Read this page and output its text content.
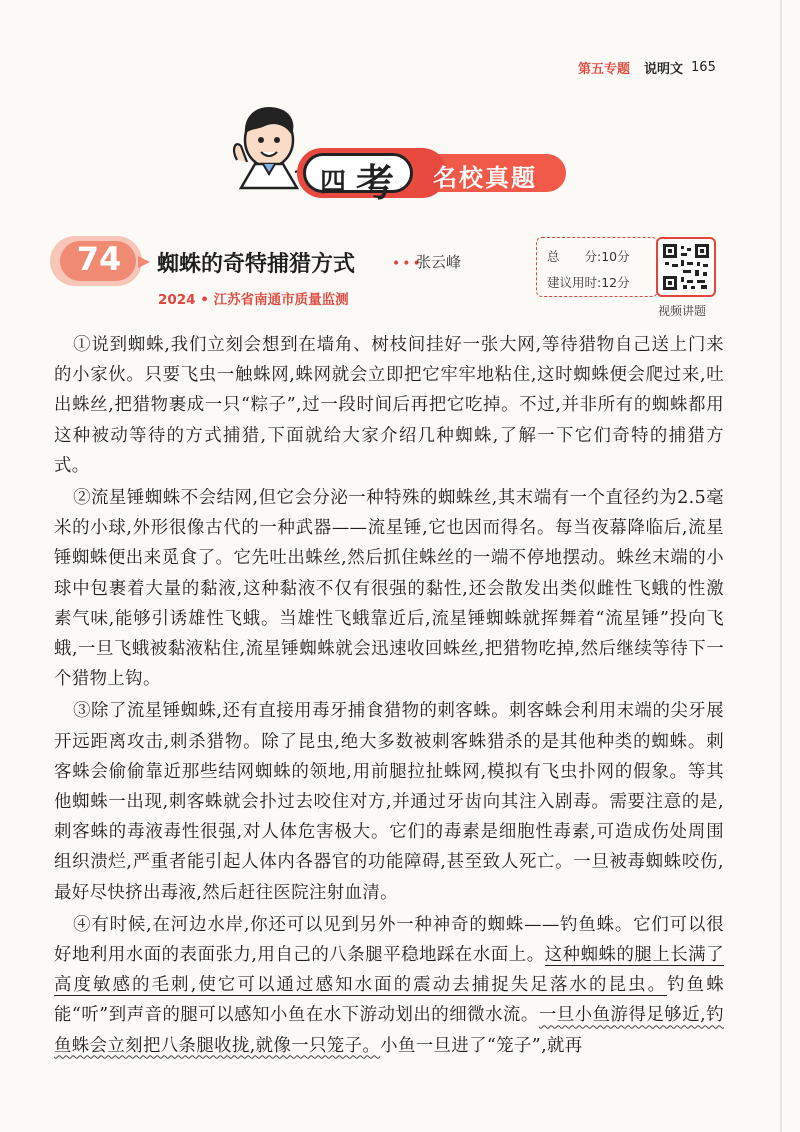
第五专题 说明文 165
四 考 名校真题
74	蜘蛛的奇特捕猎方式	•••
张云峰
2024 • 江苏省南通市质量监测
总　　分:10分
建议用时:12分
视频讲题

①说到蜘蛛,我们立刻会想到在墙角、树枝间挂好一张大网,等待猎物自己送上门来的小家伙。只要飞虫一触蛛网,蛛网就会立即把它牢牢地粘住,这时蜘蛛便会爬过来,吐出蛛丝,把猎物裹成一只“粽子”,过一段时间后再把它吃掉。不过,并非所有的蜘蛛都用这种被动等待的方式捕猎,下面就给大家介绍几种蜘蛛,了解一下它们奇特的捕猎方式。

②流星锤蜘蛛不会结网,但它会分泌一种特殊的蜘蛛丝,其末端有一个直径约为2.5毫米的小球,外形很像古代的一种武器——流星锤,它也因而得名。每当夜幕降临后,流星锤蜘蛛便出来觅食了。它先吐出蛛丝,然后抓住蛛丝的一端不停地摆动。蛛丝末端的小球中包裹着大量的黏液,这种黏液不仅有很强的黏性,还会散发出类似雌性飞蛾的性激素气味,能够引诱雄性飞蛾。当雄性飞蛾靠近后,流星锤蜘蛛就挥舞着“流星锤”投向飞蛾,一旦飞蛾被黏液粘住,流星锤蜘蛛就会迅速收回蛛丝,把猎物吃掉,然后继续等待下一个猎物上钩。

③除了流星锤蜘蛛,还有直接用毒牙捕食猎物的刺客蛛。刺客蛛会利用末端的尖牙展开远距离攻击,刺杀猎物。除了昆虫,绝大多数被刺客蛛猎杀的是其他种类的蜘蛛。刺客蛛会偷偷靠近那些结网蜘蛛的领地,用前腿拉扯蛛网,模拟有飞虫扑网的假象。等其他蜘蛛一出现,刺客蛛就会扑过去咬住对方,并通过牙齿向其注入剧毒。需要注意的是,刺客蛛的毒液毒性很强,对人体危害极大。它们的毒素是细胞性毒素,可造成伤处周围组织溃烂,严重者能引起人体内各器官的功能障碍,甚至致人死亡。一旦被毒蜘蛛咬伤,最好尽快挤出毒液,然后赶往医院注射血清。

④有时候,在河边水岸,你还可以见到另外一种神奇的蜘蛛——钓鱼蛛。它们可以很好地利用水面的表面张力,用自己的八条腿平稳地踩在水面上。这种蜘蛛的腿上长满了高度敏感的毛刺,使它可以通过感知水面的震动去捕捉失足落水的昆虫。钓鱼蛛能“听”到声音的腿可以感知小鱼在水下游动划出的细微水流。一旦小鱼游得足够近,钓鱼蛛会立刻把八条腿收拢,就像一只笼子。小鱼一旦进了“笼子”,就再
